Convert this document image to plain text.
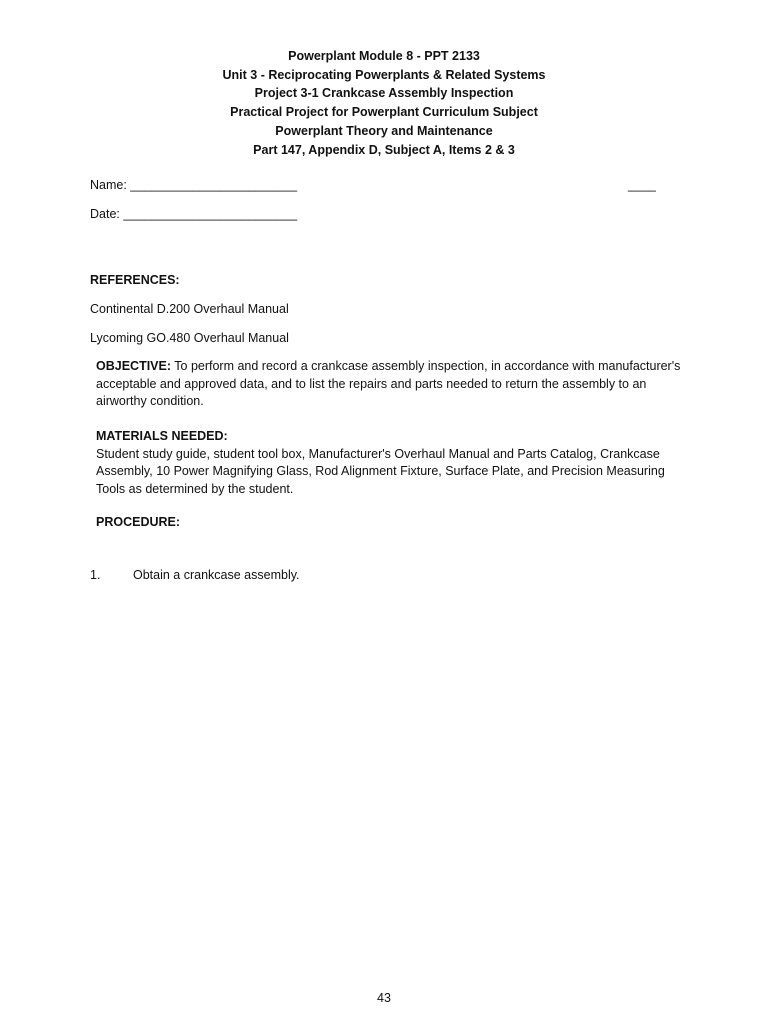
Powerplant Module 8 - PPT 2133
Unit 3 - Reciprocating Powerplants & Related Systems
Project 3-1 Crankcase Assembly Inspection
Practical Project for Powerplant Curriculum Subject
Powerplant Theory and Maintenance
Part 147, Appendix D, Subject A, Items 2 & 3
Name: ________________________	____
Date: _________________________
REFERENCES:
Continental D.200 Overhaul Manual
Lycoming GO.480 Overhaul Manual
OBJECTIVE: To perform and record a crankcase assembly inspection, in accordance with manufacturer's
acceptable and approved data, and to list the repairs and parts needed to return the assembly to an
airworthy condition.
MATERIALS NEEDED:
Student study guide, student tool box, Manufacturer's Overhaul Manual and Parts Catalog, Crankcase
Assembly, 10 Power Magnifying Glass, Rod Alignment Fixture, Surface Plate, and Precision Measuring
Tools as determined by the student.
PROCEDURE:
1.	Obtain a crankcase assembly.
43
